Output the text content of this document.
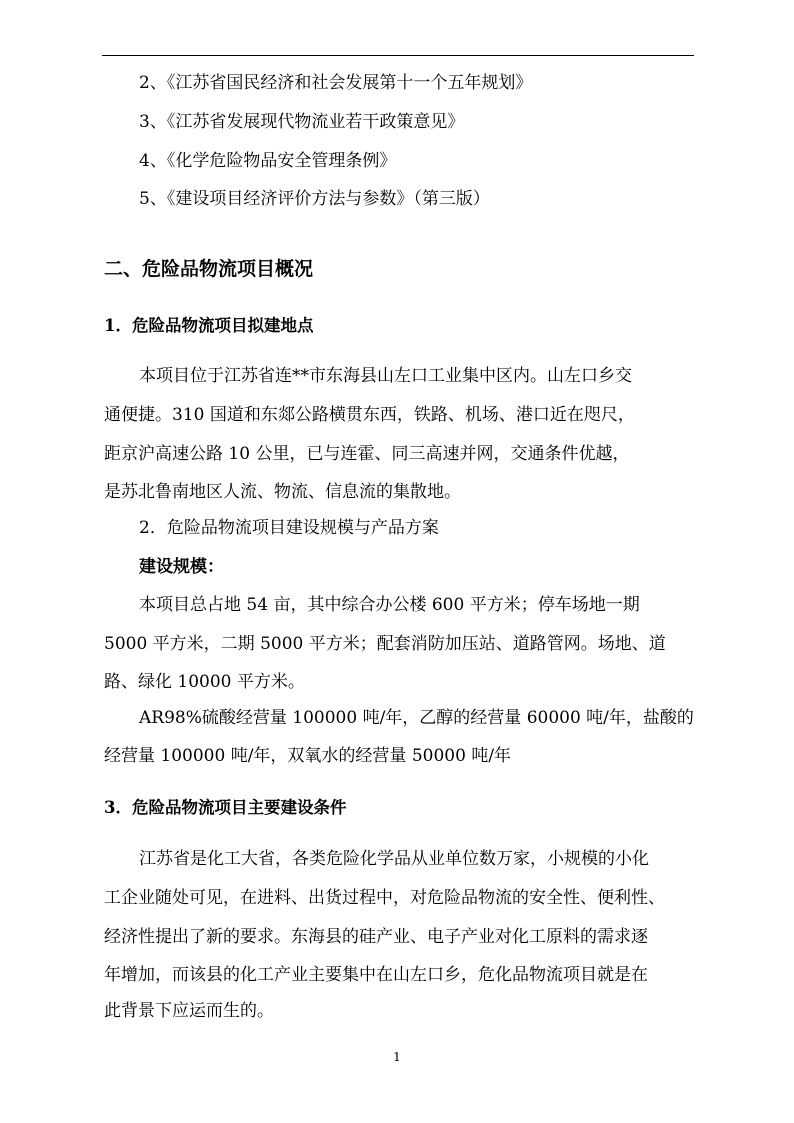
2、《江苏省国民经济和社会发展第十一个五年规划》
3、《江苏省发展现代物流业若干政策意见》
4、《化学危险物品安全管理条例》
5、《建设项目经济评价方法与参数》（第三版）
二、危险品物流项目概况
1．危险品物流项目拟建地点
本项目位于江苏省连**市东海县山左口工业集中区内。山左口乡交
通便捷。310 国道和东郯公路横贯东西，铁路、机场、港口近在咫尺，
距京沪高速公路 10 公里，已与连霍、同三高速并网，交通条件优越，
是苏北鲁南地区人流、物流、信息流的集散地。
2．危险品物流项目建设规模与产品方案
建设规模：
本项目总占地 54 亩，其中综合办公楼 600 平方米；停车场地一期
5000 平方米，二期 5000 平方米；配套消防加压站、道路管网。场地、道
路、绿化 10000 平方米。
AR98%硫酸经营量 100000 吨/年，乙醇的经营量 60000 吨/年，盐酸的
经营量 100000 吨/年，双氧水的经营量 50000 吨/年
3．危险品物流项目主要建设条件
江苏省是化工大省，各类危险化学品从业单位数万家，小规模的小化
工企业随处可见，在进料、出货过程中，对危险品物流的安全性、便利性、
经济性提出了新的要求。东海县的硅产业、电子产业对化工原料的需求逐
年增加，而该县的化工产业主要集中在山左口乡，危化品物流项目就是在
此背景下应运而生的。
1
